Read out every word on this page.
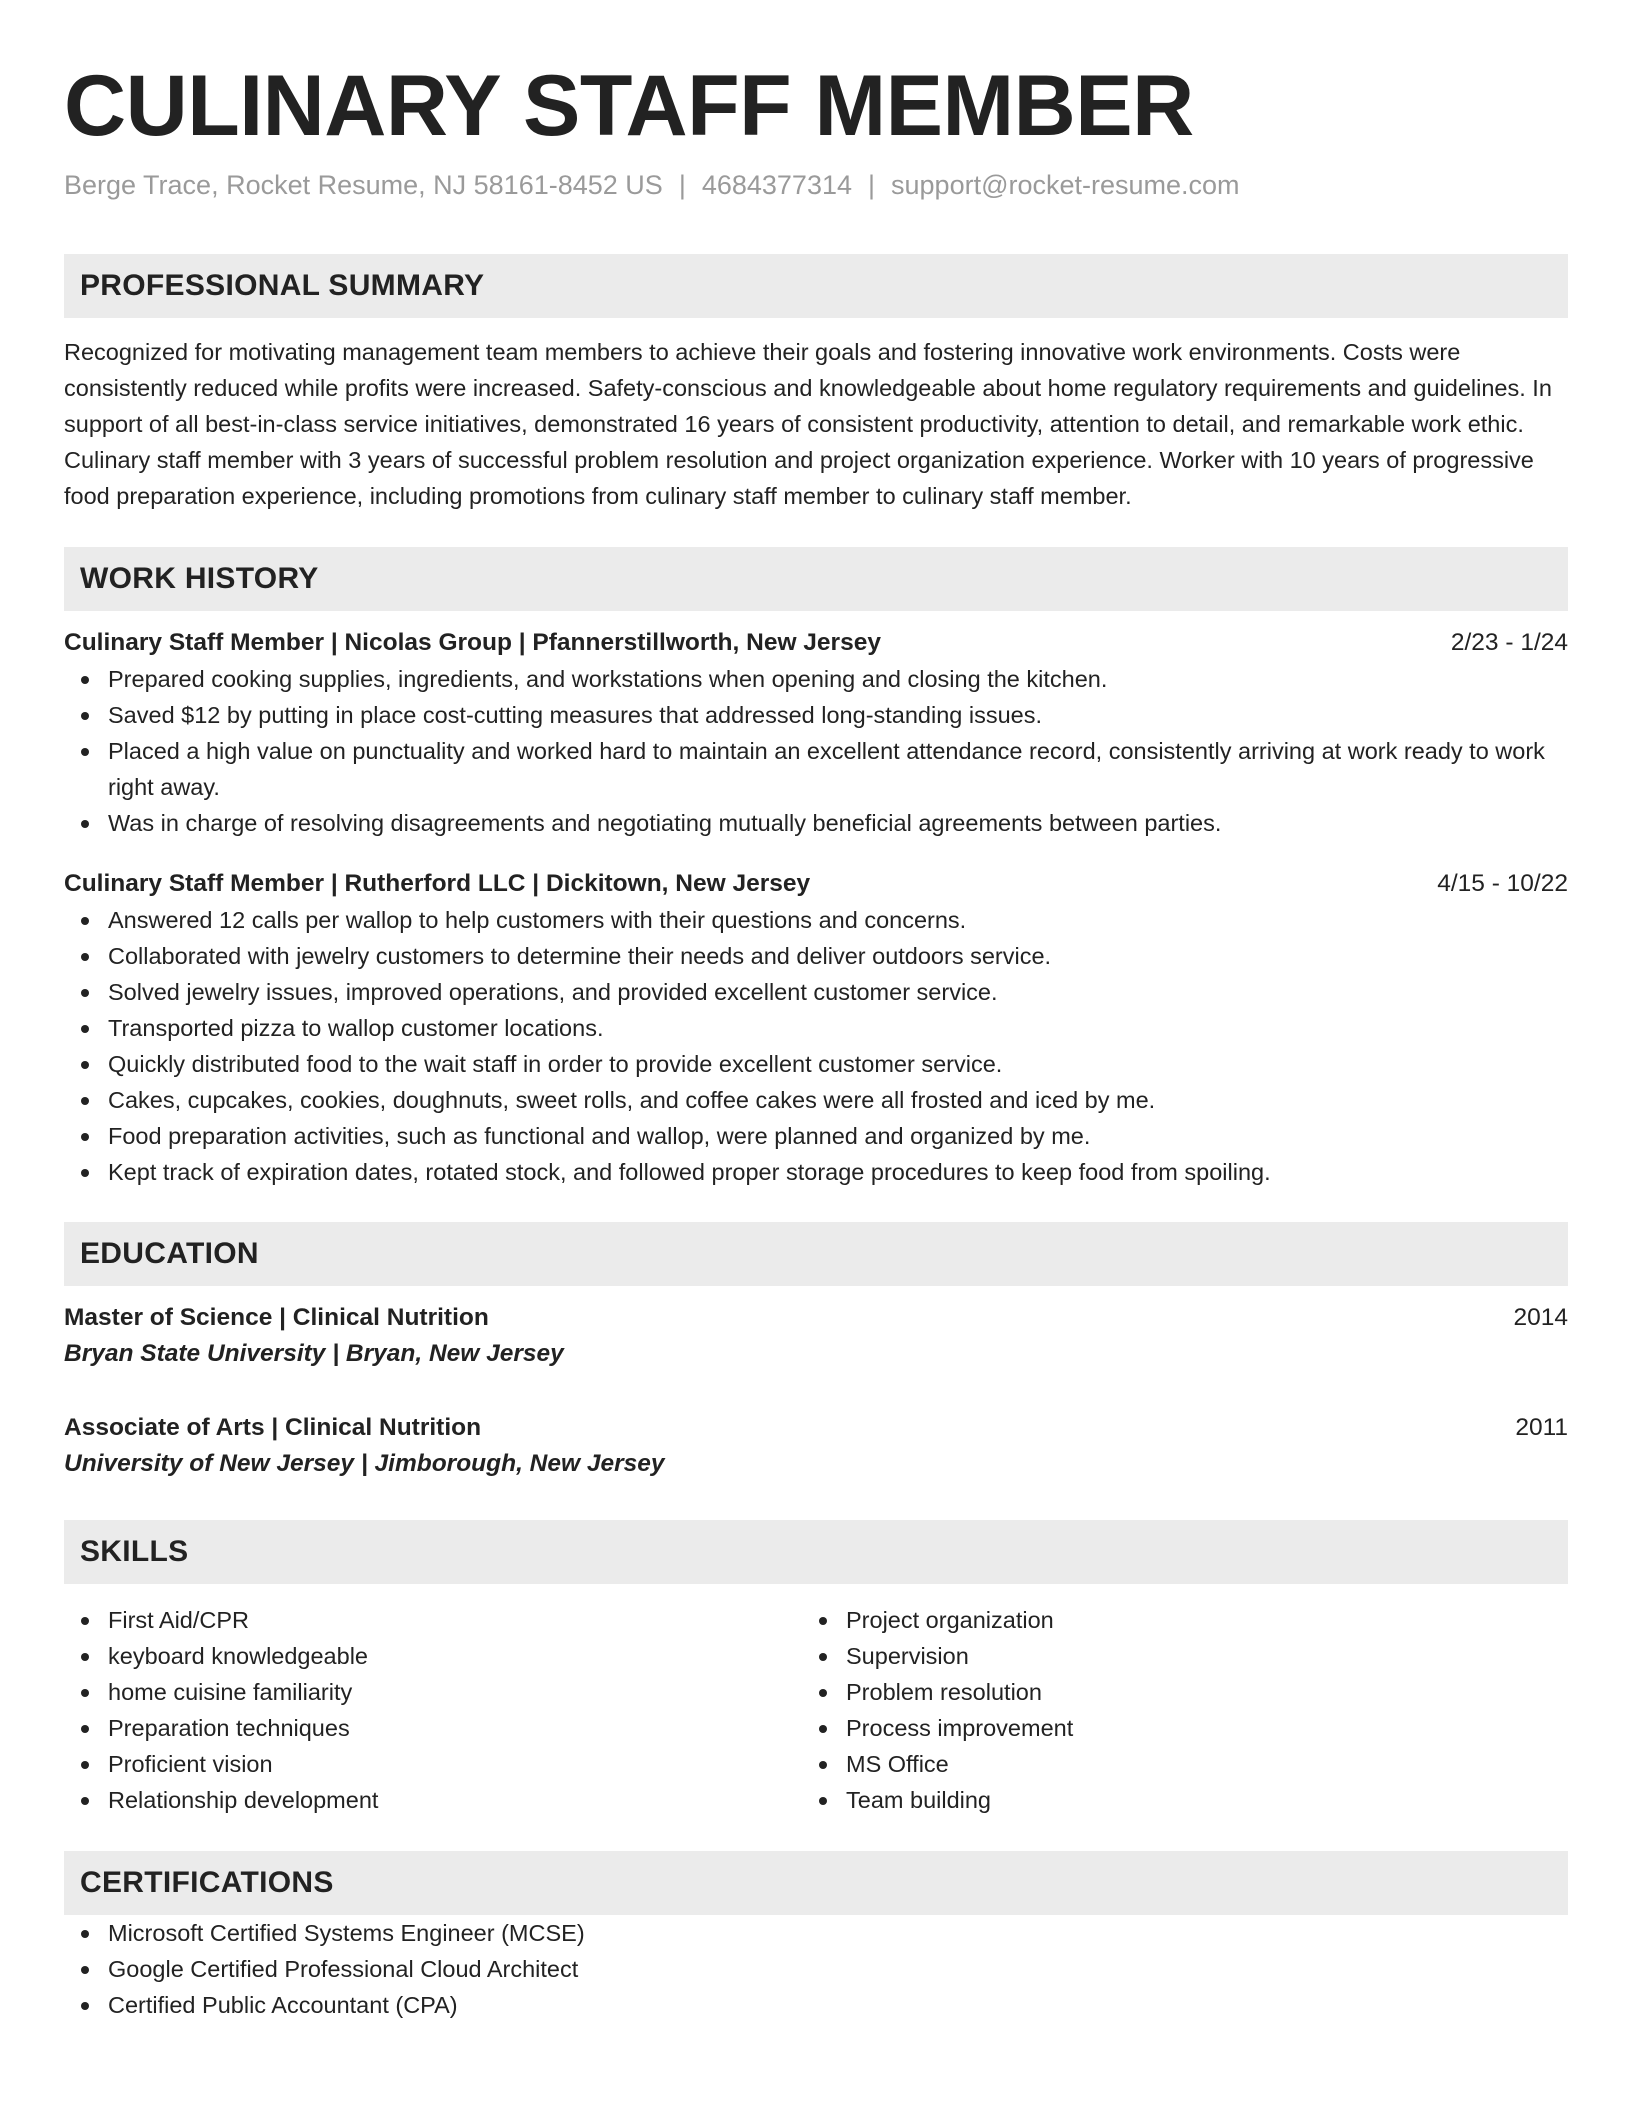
CULINARY STAFF MEMBER
Berge Trace, Rocket Resume, NJ 58161-8452 US | 4684377314 | support@rocket-resume.com
PROFESSIONAL SUMMARY
Recognized for motivating management team members to achieve their goals and fostering innovative work environments. Costs were consistently reduced while profits were increased. Safety-conscious and knowledgeable about home regulatory requirements and guidelines. In support of all best-in-class service initiatives, demonstrated 16 years of consistent productivity, attention to detail, and remarkable work ethic. Culinary staff member with 3 years of successful problem resolution and project organization experience. Worker with 10 years of progressive food preparation experience, including promotions from culinary staff member to culinary staff member.
WORK HISTORY
Culinary Staff Member | Nicolas Group | Pfannerstillworth, New Jersey	2/23 - 1/24
Prepared cooking supplies, ingredients, and workstations when opening and closing the kitchen.
Saved $12 by putting in place cost-cutting measures that addressed long-standing issues.
Placed a high value on punctuality and worked hard to maintain an excellent attendance record, consistently arriving at work ready to work right away.
Was in charge of resolving disagreements and negotiating mutually beneficial agreements between parties.
Culinary Staff Member | Rutherford LLC | Dickitown, New Jersey	4/15 - 10/22
Answered 12 calls per wallop to help customers with their questions and concerns.
Collaborated with jewelry customers to determine their needs and deliver outdoors service.
Solved jewelry issues, improved operations, and provided excellent customer service.
Transported pizza to wallop customer locations.
Quickly distributed food to the wait staff in order to provide excellent customer service.
Cakes, cupcakes, cookies, doughnuts, sweet rolls, and coffee cakes were all frosted and iced by me.
Food preparation activities, such as functional and wallop, were planned and organized by me.
Kept track of expiration dates, rotated stock, and followed proper storage procedures to keep food from spoiling.
EDUCATION
Master of Science | Clinical Nutrition	2014
Bryan State University | Bryan, New Jersey
Associate of Arts | Clinical Nutrition	2011
University of New Jersey | Jimborough, New Jersey
SKILLS
First Aid/CPR
keyboard knowledgeable
home cuisine familiarity
Preparation techniques
Proficient vision
Relationship development
Project organization
Supervision
Problem resolution
Process improvement
MS Office
Team building
CERTIFICATIONS
Microsoft Certified Systems Engineer (MCSE)
Google Certified Professional Cloud Architect
Certified Public Accountant (CPA)
